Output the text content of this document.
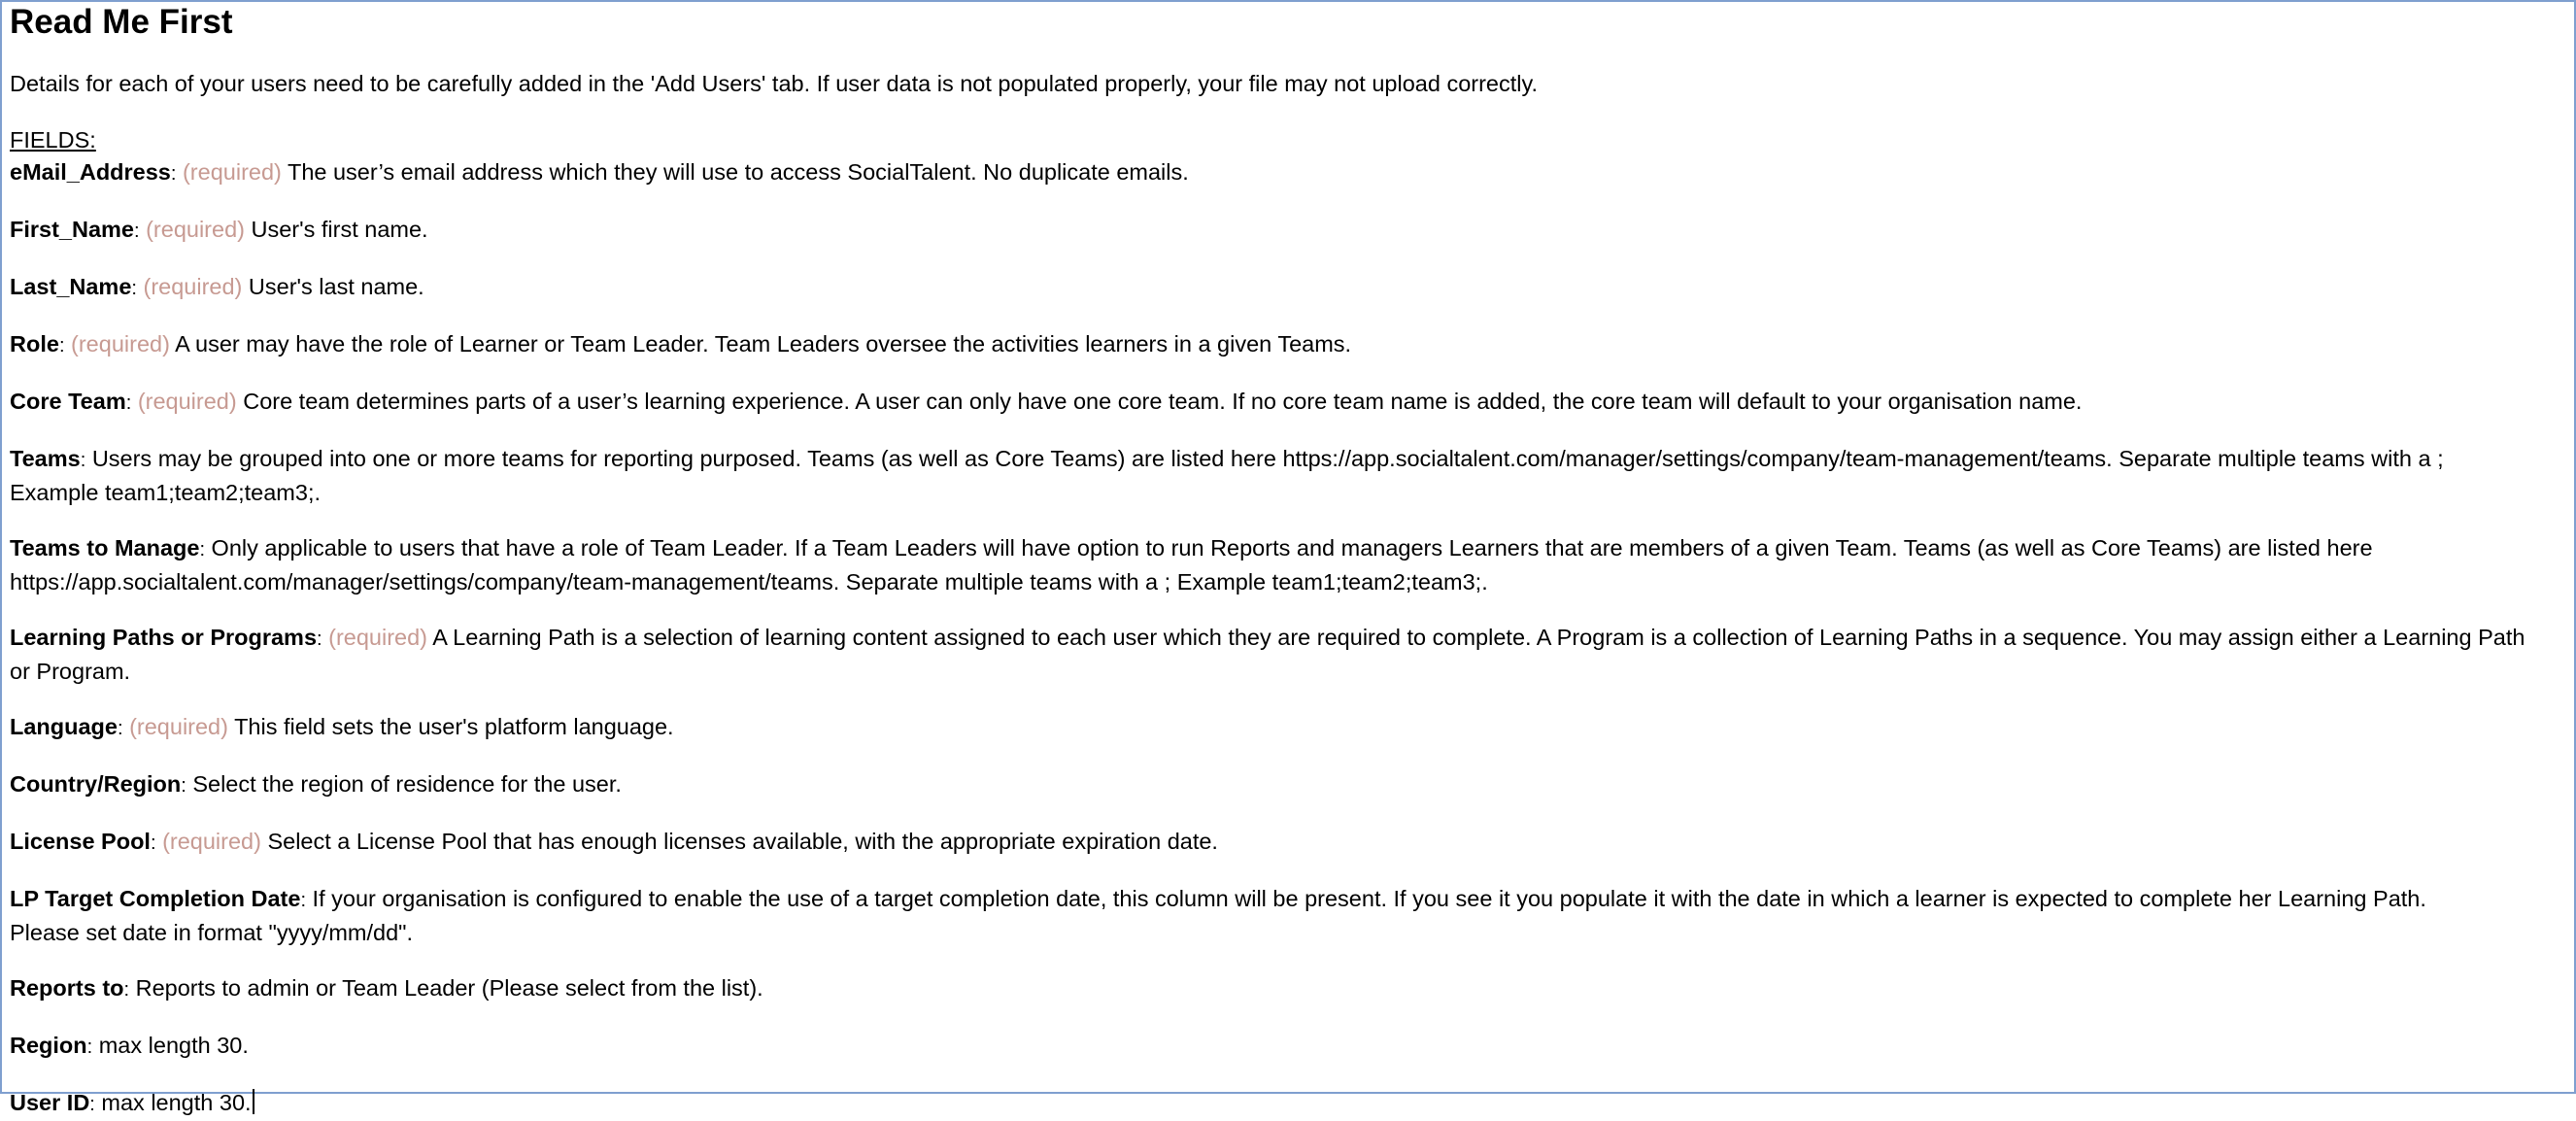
Read Me First

Details for each of your users need to be carefully added in the 'Add Users' tab. If user data is not populated properly, your file may not upload correctly.

FIELDS:

eMail_Address: (required) The user’s email address which they will use to access SocialTalent. No duplicate emails.

First_Name: (required) User's first name.

Last_Name: (required) User's last name.

Role: (required) A user may have the role of Learner or Team Leader. Team Leaders oversee the activities learners in a given Teams.

Core Team: (required) Core team determines parts of a user’s learning experience. A user can only have one core team. If no core team name is added, the core team will default to your organisation name.

Teams: Users may be grouped into one or more teams for reporting purposed. Teams (as well as Core Teams) are listed here https://app.socialtalent.com/manager/settings/company/team-management/teams. Separate multiple teams with a ;
Example team1;team2;team3;.

Teams to Manage: Only applicable to users that have a role of Team Leader. If a Team Leaders will have option to run Reports and managers Learners that are members of a given Team. Teams (as well as Core Teams) are listed here
https://app.socialtalent.com/manager/settings/company/team-management/teams. Separate multiple teams with a ; Example team1;team2;team3;.

Learning Paths or Programs: (required) A Learning Path is a selection of learning content assigned to each user which they are required to complete. A Program is a collection of Learning Paths in a sequence. You may assign either a Learning Path
or Program.

Language: (required) This field sets the user's platform language.

Country/Region: Select the region of residence for the user.

License Pool: (required) Select a License Pool that has enough licenses available, with the appropriate expiration date.

LP Target Completion Date: If your organisation is configured to enable the use of a target completion date, this column will be present. If you see it you populate it with the date in which a learner is expected to complete her Learning Path.
Please set date in format "yyyy/mm/dd".

Reports to: Reports to admin or Team Leader (Please select from the list).

Region: max length 30.

User ID: max length 30.
